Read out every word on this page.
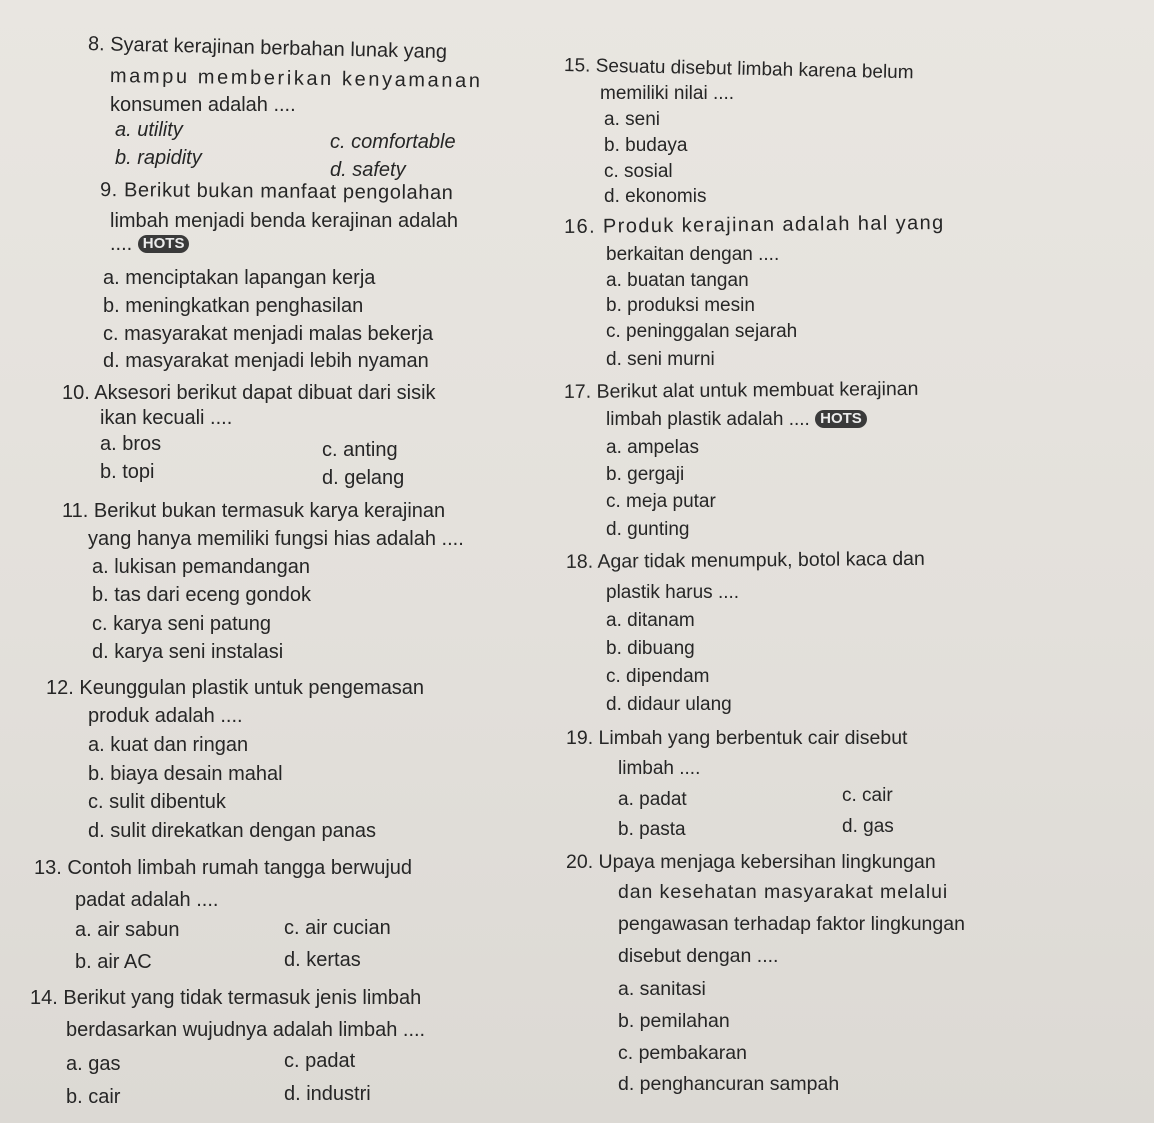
8. Syarat kerajinan berbahan lunak yang
mampu memberikan kenyamanan
konsumen adalah ....
a. utility
b. rapidity
c. comfortable
d. safety
9. Berikut bukan manfaat pengolahan
limbah menjadi benda kerajinan adalah
.... HOTS
a. menciptakan lapangan kerja
b. meningkatkan penghasilan
c. masyarakat menjadi malas bekerja
d. masyarakat menjadi lebih nyaman
10. Aksesori berikut dapat dibuat dari sisik
ikan kecuali ....
a. bros
b. topi
c. anting
d. gelang
11. Berikut bukan termasuk karya kerajinan
yang hanya memiliki fungsi hias adalah ....
a. lukisan pemandangan
b. tas dari eceng gondok
c. karya seni patung
d. karya seni instalasi
12. Keunggulan plastik untuk pengemasan
produk adalah ....
a. kuat dan ringan
b. biaya desain mahal
c. sulit dibentuk
d. sulit direkatkan dengan panas
13. Contoh limbah rumah tangga berwujud
padat adalah ....
a. air sabun
b. air AC
c. air cucian
d. kertas
14. Berikut yang tidak termasuk jenis limbah
berdasarkan wujudnya adalah limbah ....
a. gas
b. cair
c. padat
d. industri
15. Sesuatu disebut limbah karena belum
memiliki nilai ....
a. seni
b. budaya
c. sosial
d. ekonomis
16. Produk kerajinan adalah hal yang
berkaitan dengan ....
a. buatan tangan
b. produksi mesin
c. peninggalan sejarah
d. seni murni
17. Berikut alat untuk membuat kerajinan
limbah plastik adalah .... HOTS
a. ampelas
b. gergaji
c. meja putar
d. gunting
18. Agar tidak menumpuk, botol kaca dan
plastik harus ....
a. ditanam
b. dibuang
c. dipendam
d. didaur ulang
19. Limbah yang berbentuk cair disebut
limbah ....
a. padat
b. pasta
c. cair
d. gas
20. Upaya menjaga kebersihan lingkungan
dan kesehatan masyarakat melalui
pengawasan terhadap faktor lingkungan
disebut dengan ....
a. sanitasi
b. pemilahan
c. pembakaran
d. penghancuran sampah
